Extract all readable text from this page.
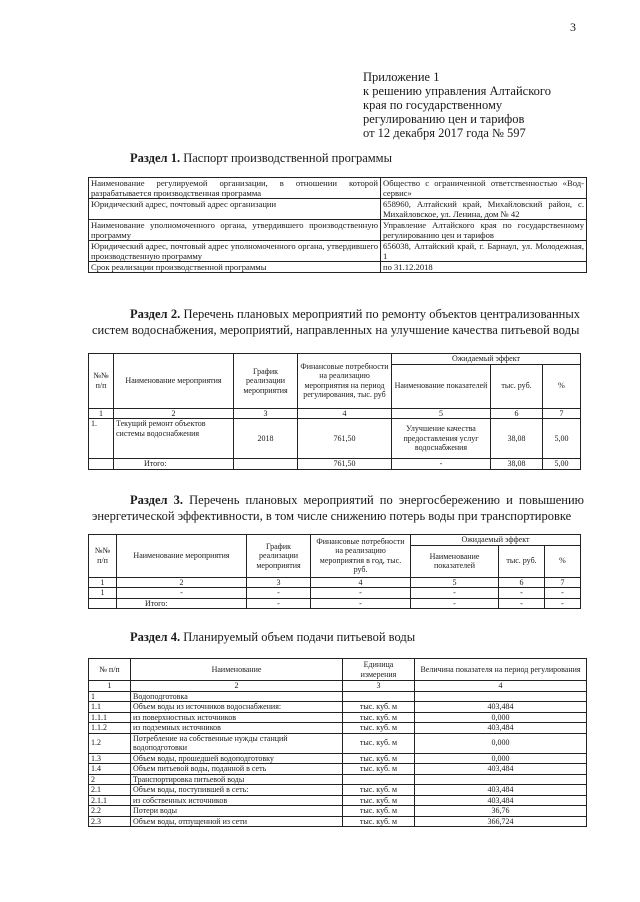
3
Приложение 1
к решению управления Алтайского
края по государственному
регулированию цен и тарифов
от 12 декабря 2017 года № 597
Раздел 1. Паспорт производственной программы
Наименование регулируемой организации, в отношении которой разрабатывается производственная программа	Общество с ограниченной ответственностью «Вод-сервис»
Юридический адрес, почтовый адрес организации	658960, Алтайский край, Михайловский район, с. Михайловское, ул. Ленина, дом № 42
Наименование уполномоченного органа, утвердившего производственную программу	Управление Алтайского края по государственному регулированию цен и тарифов
Юридический адрес, почтовый адрес уполномоченного органа, утвердившего производственную программу	656038, Алтайский край, г. Барнаул, ул. Молодежная, 1
Срок реализации производственной программы	по 31.12.2018
Раздел 2. Перечень плановых мероприятий по ремонту объектов централизованных систем водоснабжения, мероприятий, направленных на улучшение качества питьевой воды
№№ п/п	Наименование мероприятия	График реализации мероприятия	Финансовые потребности на реализацию мероприятия на период регулирования, тыс. руб	Ожидаемый эффект		
				Наименование показателей	тыс. руб.	%
1	2	3	4	5	6	7
1.	Текущий ремонт объектов системы водоснабжения	2018	761,50	Улучшение качества предоставления услуг водоснабжения	38,08	5,00
	Итого:		761,50	-	38,08	5,00
Раздел 3. Перечень плановых мероприятий по энергосбережению и повышению энергетической эффективности, в том числе снижению потерь воды при транспортировке
№№ п/п	Наименование мероприятия	График реализации мероприятия	Финансовые потребности на реализацию мероприятия в год, тыс. руб.	Ожидаемый эффект		
				Наименование показателей	тыс. руб.	%
1	2	3	4	5	6	7
1	-	-	-	-	-	-
	Итого:	-	-	-	-	-
Раздел 4. Планируемый объем подачи питьевой воды
№ п/п	Наименование	Единица измерения	Величина показателя на период регулирования
1	2	3	4
1	Водоподготовка		
1.1	Объем воды из источников водоснабжения:	тыс. куб. м	403,484
1.1.1	из поверхностных источников	тыс. куб. м	0,000
1.1.2	из подземных источников	тыс. куб. м	403,484
1.2	Потребление на собственные нужды станций водоподготовки	тыс. куб. м	0,000
1.3	Объем воды, прошедшей водоподготовку	тыс. куб. м	0,000
1.4	Объем питьевой воды, поданной в сеть	тыс. куб. м	403,484
2	Транспортировка питьевой воды		
2.1	Объем воды, поступившей в сеть:	тыс. куб. м	403,484
2.1.1	из собственных источников	тыс. куб. м	403,484
2.2	Потери воды	тыс. куб. м	36,76
2.3	Объем воды, отпущенной из сети	тыс. куб. м	366,724
